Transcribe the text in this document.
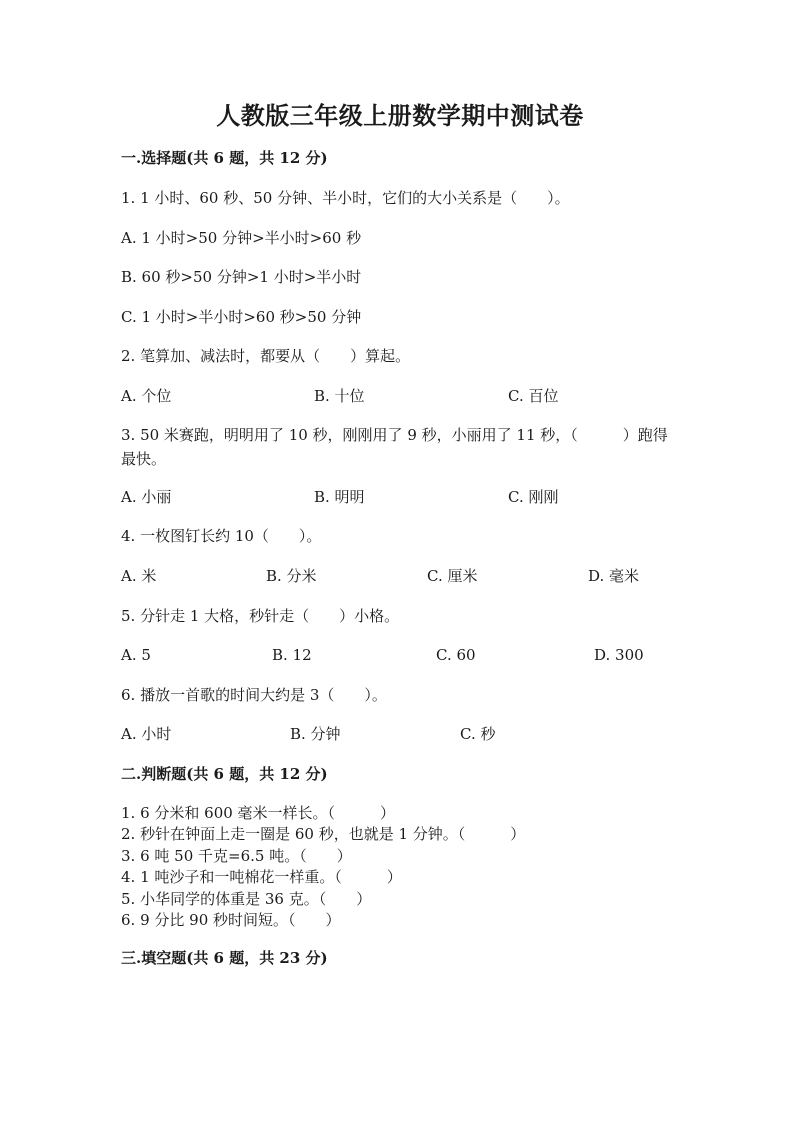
人教版三年级上册数学期中测试卷
一.选择题(共 6 题，共 12 分)
1. 1 小时、60 秒、50 分钟、半小时，它们的大小关系是（　　）。
A. 1 小时>50 分钟>半小时>60 秒
B. 60 秒>50 分钟>1 小时>半小时
C. 1 小时>半小时>60 秒>50 分钟
2. 笔算加、减法时，都要从（　　）算起。
A. 个位	B. 十位	C. 百位
3. 50 米赛跑，明明用了 10 秒，刚刚用了 9 秒，小丽用了 11 秒，（　　　）跑得最快。
A. 小丽	B. 明明	C. 刚刚
4. 一枚图钉长约 10（　　）。
A. 米	B. 分米	C. 厘米	D. 毫米
5. 分针走 1 大格，秒针走（　　）小格。
A. 5	B. 12	C. 60	D. 300
6. 播放一首歌的时间大约是 3（　　）。
A. 小时	B. 分钟	C. 秒
二.判断题(共 6 题，共 12 分)
1. 6 分米和 600 毫米一样长。（　　　）
2. 秒针在钟面上走一圈是 60 秒，也就是 1 分钟。（　　　）
3. 6 吨 50 千克=6.5 吨。（　　）
4. 1 吨沙子和一吨棉花一样重。（　　　）
5. 小华同学的体重是 36 克。（　　）
6. 9 分比 90 秒时间短。（　　）
三.填空题(共 6 题，共 23 分)
